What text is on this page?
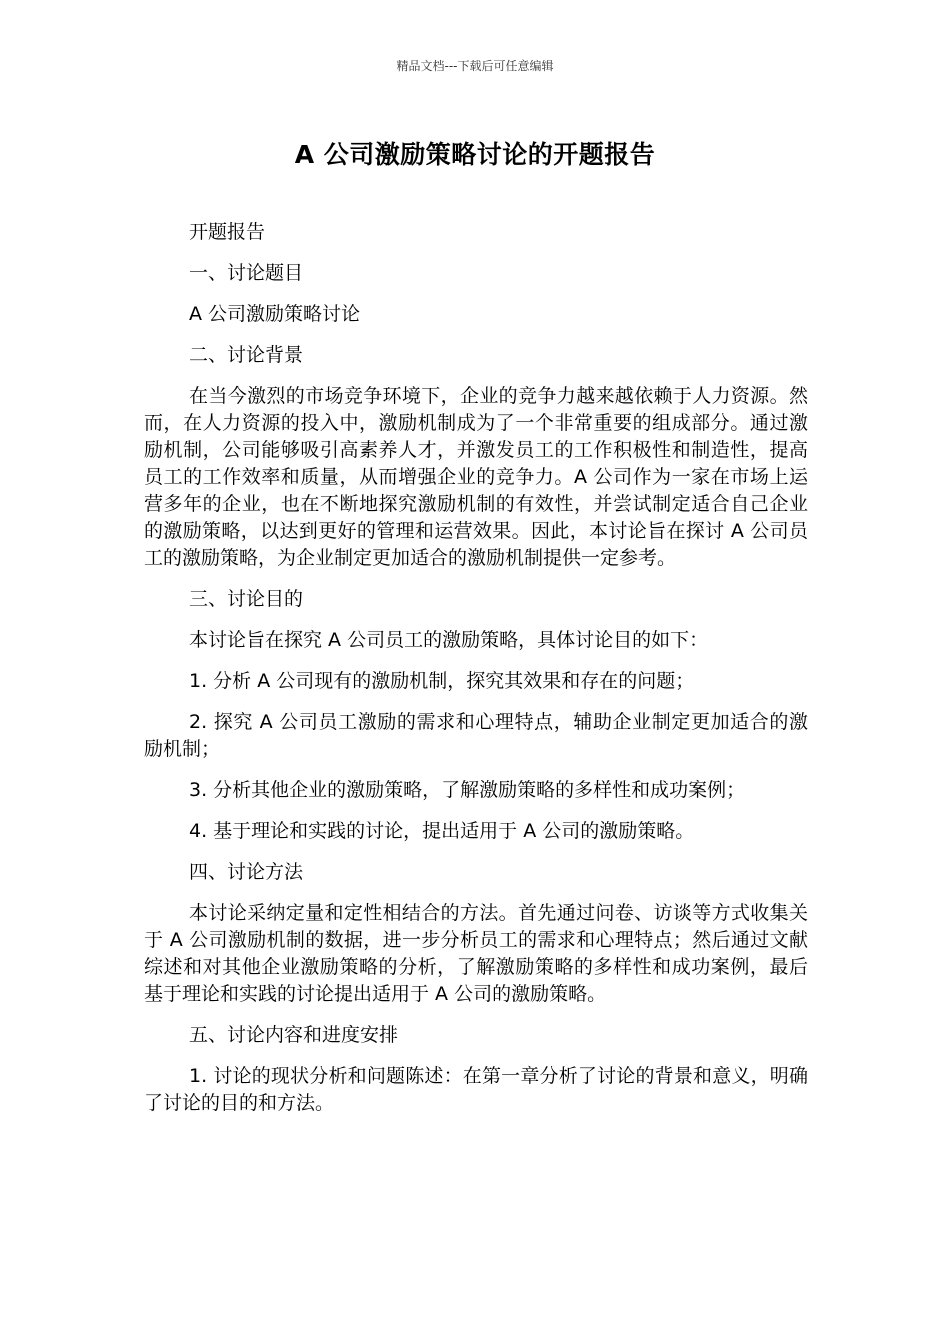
精品文档---下载后可任意编辑
A 公司激励策略讨论的开题报告

开题报告

一、讨论题目

A 公司激励策略讨论

二、讨论背景

在当今激烈的市场竞争环境下，企业的竞争力越来越依赖于人力资源。然而，在人力资源的投入中，激励机制成为了一个非常重要的组成部分。通过激励机制，公司能够吸引高素养人才，并激发员工的工作积极性和制造性，提高员工的工作效率和质量，从而增强企业的竞争力。A 公司作为一家在市场上运营多年的企业，也在不断地探究激励机制的有效性，并尝试制定适合自己企业的激励策略，以达到更好的管理和运营效果。因此，本讨论旨在探讨 A 公司员工的激励策略，为企业制定更加适合的激励机制提供一定参考。

三、讨论目的

本讨论旨在探究 A 公司员工的激励策略，具体讨论目的如下：

1. 分析 A 公司现有的激励机制，探究其效果和存在的问题；

2. 探究 A 公司员工激励的需求和心理特点，辅助企业制定更加适合的激励机制；

3. 分析其他企业的激励策略，了解激励策略的多样性和成功案例；

4. 基于理论和实践的讨论，提出适用于 A 公司的激励策略。

四、讨论方法

本讨论采纳定量和定性相结合的方法。首先通过问卷、访谈等方式收集关于 A 公司激励机制的数据，进一步分析员工的需求和心理特点；然后通过文献综述和对其他企业激励策略的分析，了解激励策略的多样性和成功案例，最后基于理论和实践的讨论提出适用于 A 公司的激励策略。

五、讨论内容和进度安排

1. 讨论的现状分析和问题陈述：在第一章分析了讨论的背景和意义，明确了讨论的目的和方法。
